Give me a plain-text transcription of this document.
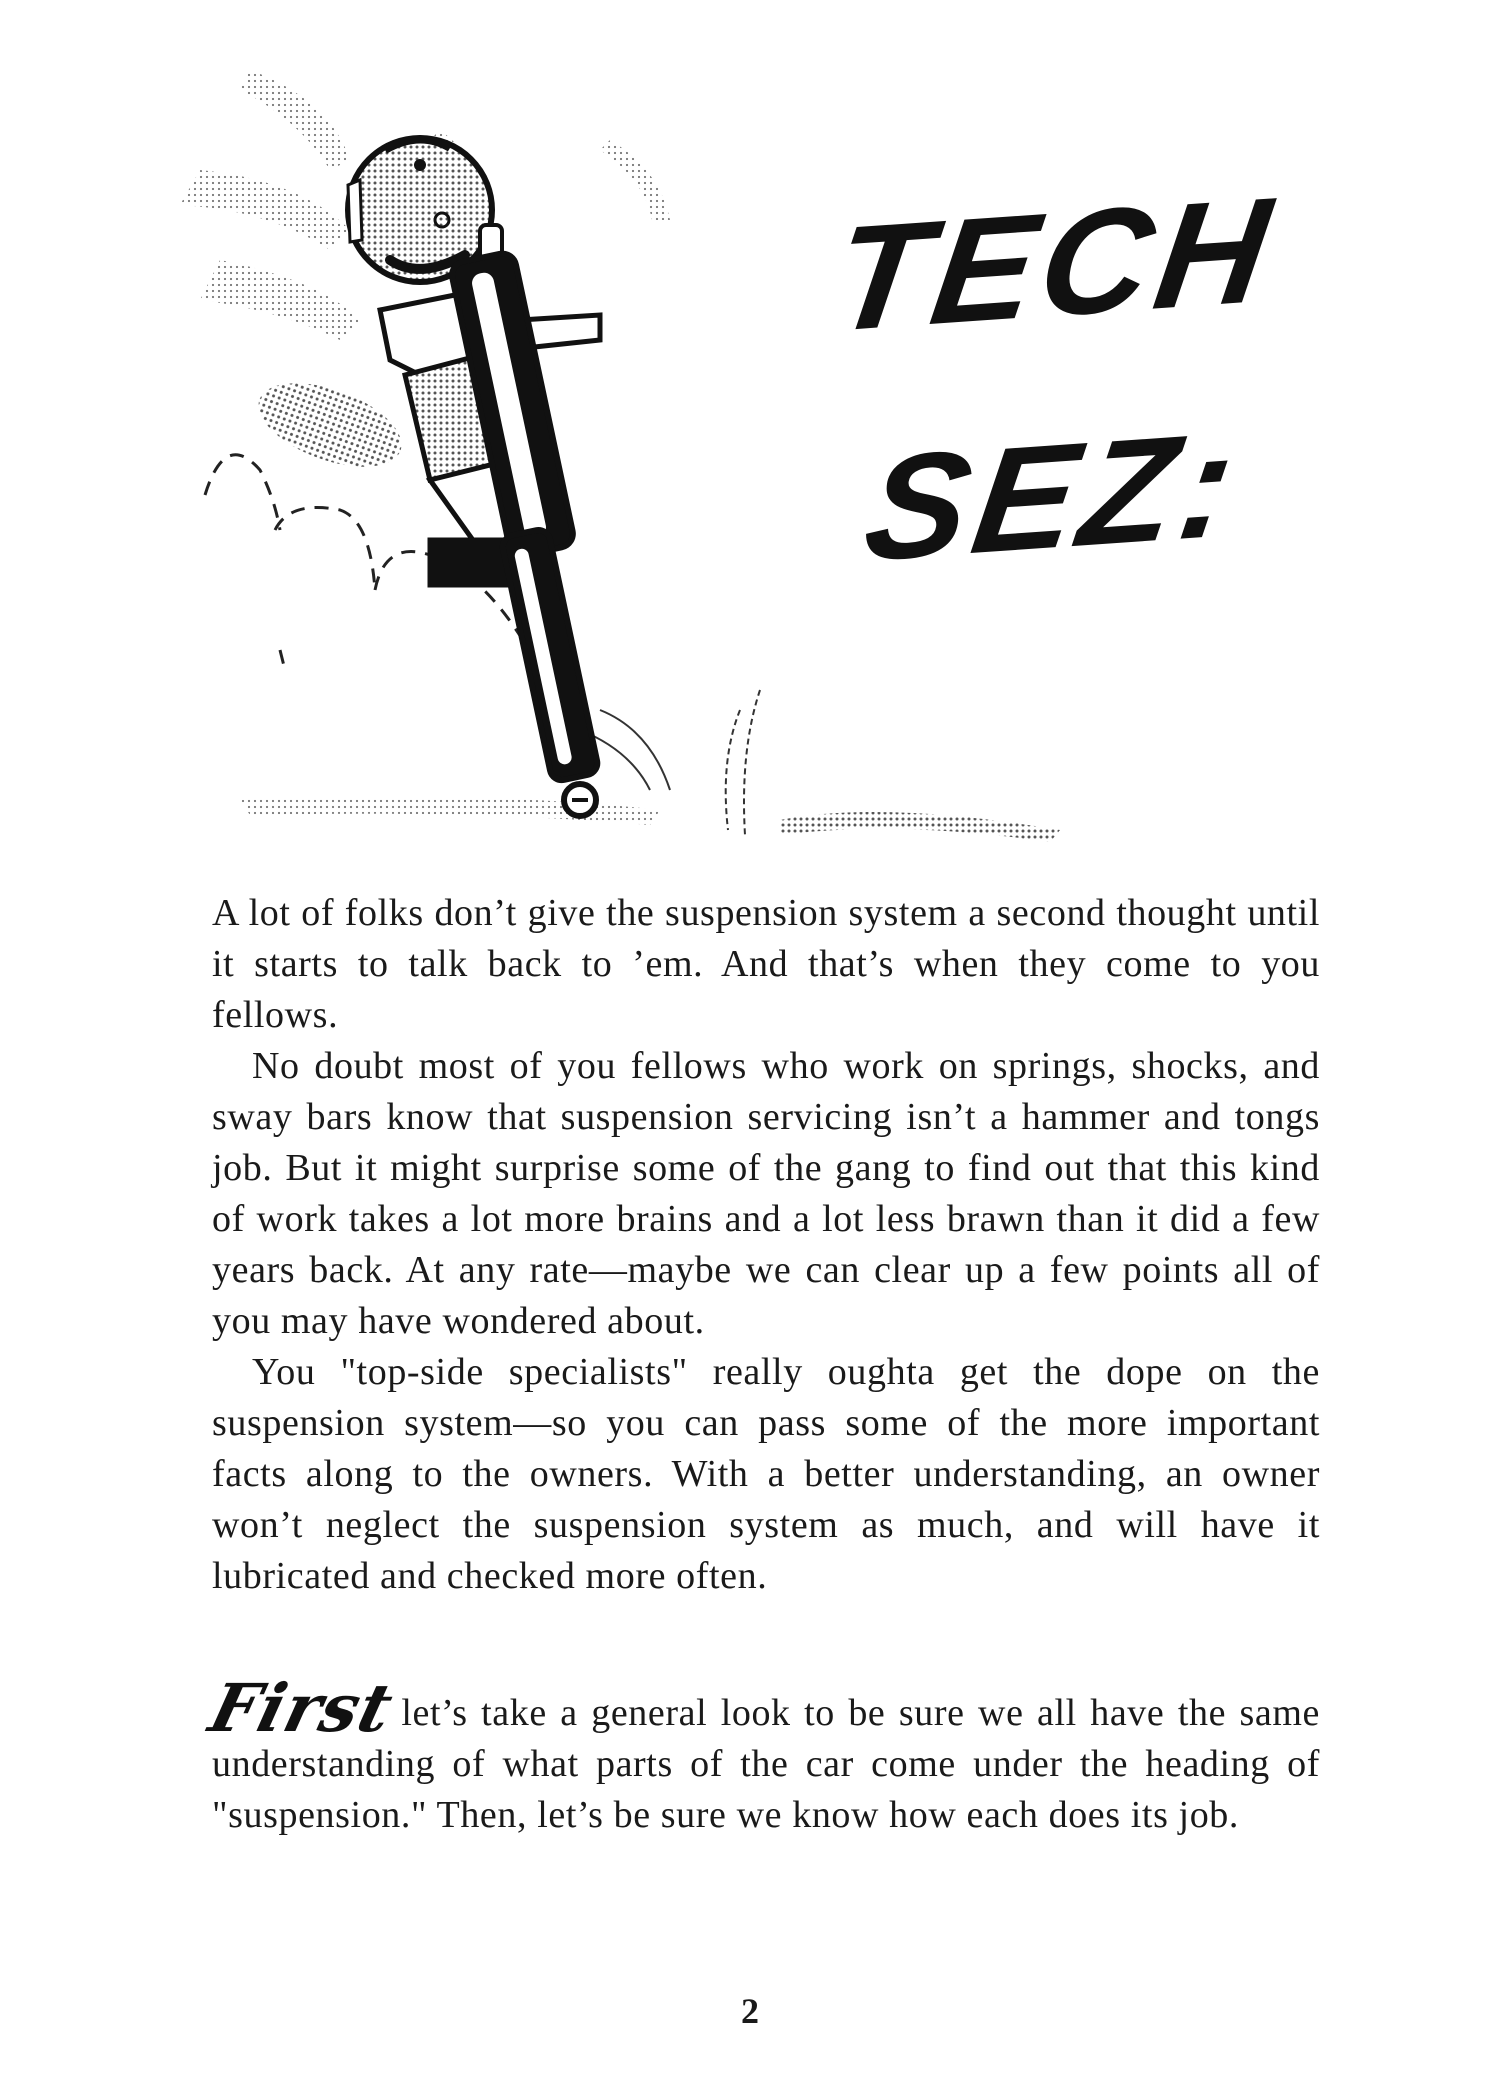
TECH
SEZ:

A lot of folks don’t give the suspension system a second thought until it starts to talk back to ’em. And that’s when they come to you fellows.

No doubt most of you fellows who work on springs, shocks, and sway bars know that suspension servicing isn’t a hammer and tongs job. But it might surprise some of the gang to find out that this kind of work takes a lot more brains and a lot less brawn than it did a few years back. At any rate—maybe we can clear up a few points all of you may have wondered about.

You "top-side specialists" really oughta get the dope on the suspension system—so you can pass some of the more important facts along to the owners. With a better understanding, an owner won’t neglect the suspension system as much, and will have it lubricated and checked more often.

Firstlet’s take a general look to be sure we all have the same understanding of what parts of the car come under the heading of "suspension." Then, let’s be sure we know how each does its job.

2
